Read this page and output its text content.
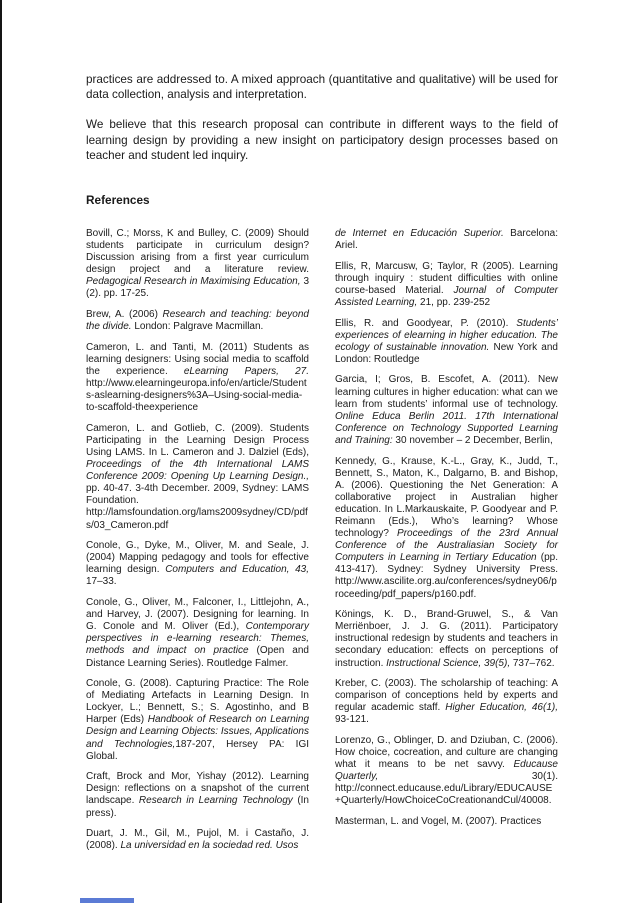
practices are addressed to. A mixed approach (quantitative and qualitative) will be used for data collection, analysis and interpretation.

We believe that this research proposal can contribute in different ways to the field of learning design by providing a new insight on participatory design processes based on teacher and student led inquiry.

References

Bovill, C.; Morss, K and Bulley, C. (2009) Should students participate in curriculum design? Discussion arising from a first year curriculum design project and a literature review. Pedagogical Research in Maximising Education, 3 (2). pp. 17-25.

Brew, A. (2006) Research and teaching: beyond the divide. London: Palgrave Macmillan.

Cameron, L. and Tanti, M. (2011) Students as learning designers: Using social media to scaffold the experience. eLearning Papers, 27. http://www.elearningeuropa.info/en/article/Students-aslearning-designers%3A–Using-social-media-to-scaffold-theexperience

Cameron, L. and Gotlieb, C. (2009). Students Participating in the Learning Design Process Using LAMS. In L. Cameron and J. Dalziel (Eds), Proceedings of the 4th International LAMS Conference 2009: Opening Up Learning Design., pp. 40-47. 3-4th December. 2009, Sydney: LAMS Foundation. http://lamsfoundation.org/lams2009sydney/CD/pdfs/03_Cameron.pdf

Conole, G., Dyke, M., Oliver, M. and Seale, J. (2004) Mapping pedagogy and tools for effective learning design. Computers and Education, 43, 17–33.

Conole, G., Oliver, M., Falconer, I., Littlejohn, A., and Harvey, J. (2007). Designing for learning. In G. Conole and M. Oliver (Ed.), Contemporary perspectives in e-learning research: Themes, methods and impact on practice (Open and Distance Learning Series). Routledge Falmer.

Conole, G. (2008). Capturing Practice: The Role of Mediating Artefacts in Learning Design. In Lockyer, L.; Bennett, S.; S. Agostinho, and B Harper (Eds) Handbook of Research on Learning Design and Learning Objects: Issues, Applications and Technologies,187-207, Hersey PA: IGI Global.

Craft, Brock and Mor, Yishay (2012). Learning Design: reflections on a snapshot of the current landscape. Research in Learning Technology (In press).

Duart, J. M., Gil, M., Pujol, M. i Castaño, J. (2008). La universidad en la sociedad red. Usos

de Internet en Educación Superior. Barcelona: Ariel.

Ellis, R, Marcusw, G; Taylor, R (2005). Learning through inquiry : student difficulties with online course-based Material. Journal of Computer Assisted Learning, 21, pp. 239-252

Ellis, R. and Goodyear, P. (2010). Students’ experiences of elearning in higher education. The ecology of sustainable innovation. New York and London: Routledge

Garcia, I; Gros, B. Escofet, A. (2011). New learning cultures in higher education: what can we learn from students’ informal use of technology. Online Educa Berlin 2011. 17th International Conference on Technology Supported Learning and Training: 30 november – 2 December, Berlin,

Kennedy, G., Krause, K.-L., Gray, K., Judd, T., Bennett, S., Maton, K., Dalgarno, B. and Bishop, A. (2006). Questioning the Net Generation: A collaborative project in Australian higher education. In L.Markauskaite, P. Goodyear and P. Reimann (Eds.), Who’s learning? Whose technology? Proceedings of the 23rd Annual Conference of the Australiasian Society for Computers in Learning in Tertiary Education (pp. 413-417). Sydney: Sydney University Press. http://www.ascilite.org.au/conferences/sydney06/proceeding/pdf_papers/p160.pdf.

Könings, K. D., Brand-Gruwel, S., & Van Merriënboer, J. J. G. (2011). Participatory instructional redesign by students and teachers in secondary education: effects on perceptions of instruction. Instructional Science, 39(5), 737–762.

Kreber, C. (2003). The scholarship of teaching: A comparison of conceptions held by experts and regular academic staff. Higher Education, 46(1), 93-121.

Lorenzo, G., Oblinger, D. and Dziuban, C. (2006). How choice, cocreation, and culture are changing what it means to be net savvy. Educause Quarterly, 30(1). http://connect.educause.edu/Library/EDUCAUSE+Quarterly/HowChoiceCoCreationandCul/40008.

Masterman, L. and Vogel, M. (2007). Practices
